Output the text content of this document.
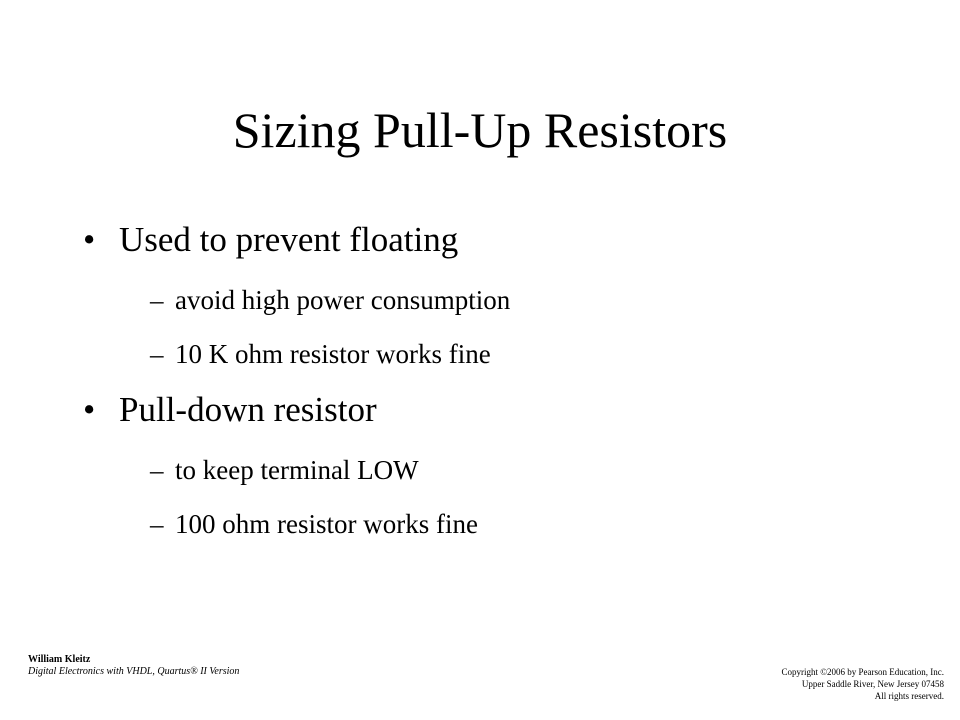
Sizing Pull-Up Resistors
• Used to prevent floating
– avoid high power consumption
– 10 K ohm resistor works fine
• Pull-down resistor
– to keep terminal LOW
– 100 ohm resistor works fine
William Kleitz
Digital Electronics with VHDL, Quartus® II Version	Copyright ©2006 by Pearson Education, Inc.
Upper Saddle River, New Jersey 07458
All rights reserved.
